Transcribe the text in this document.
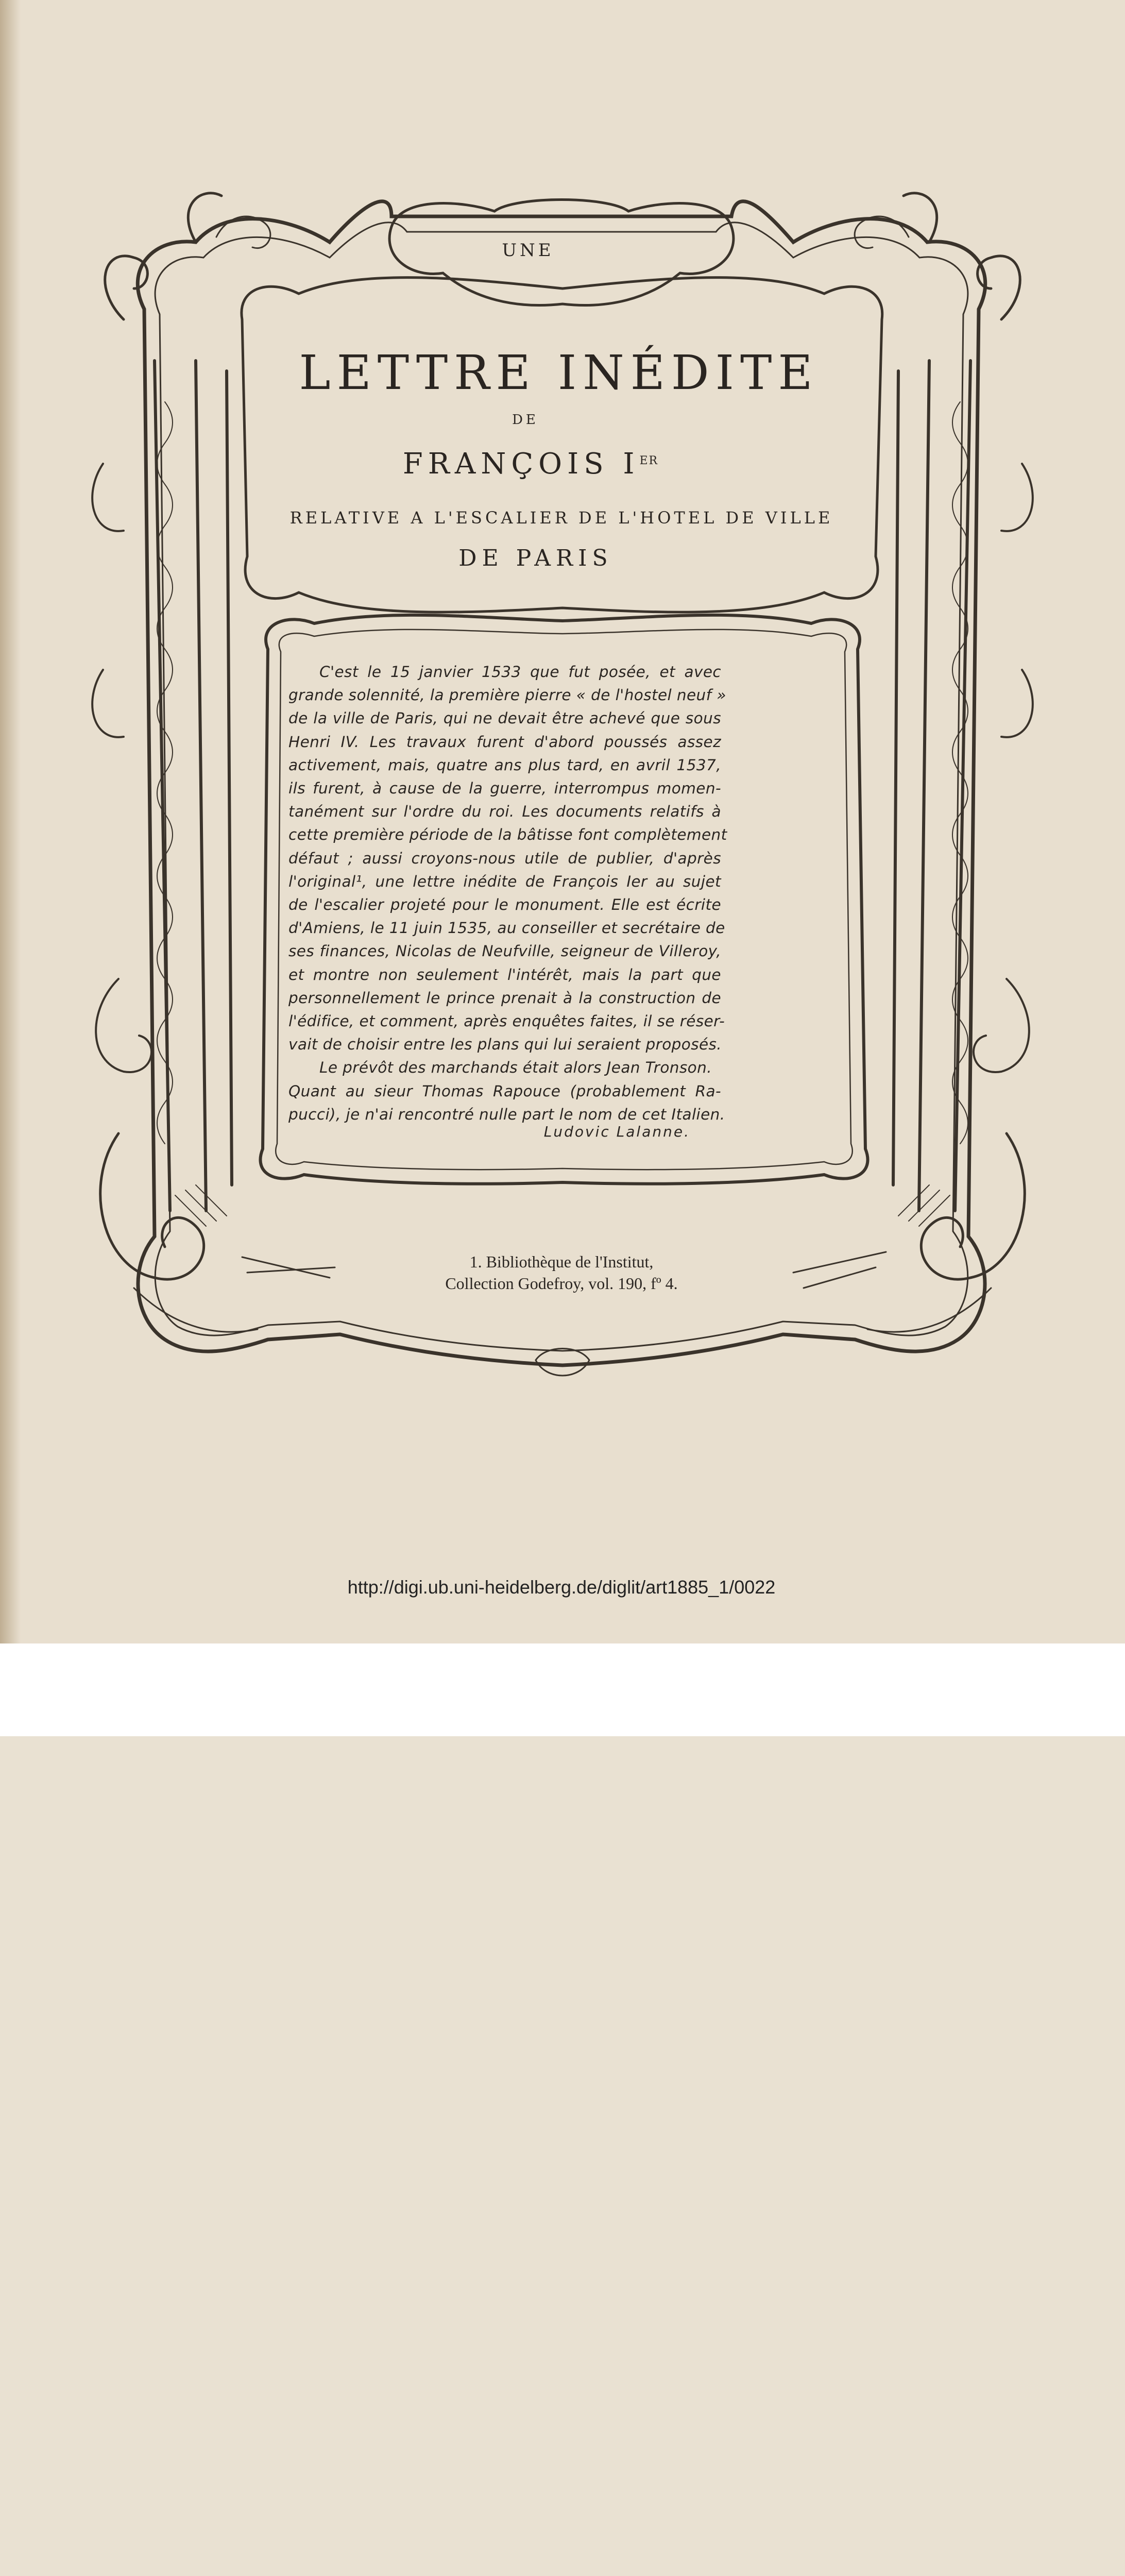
UNE
LETTRE INÉDITE
DE
FRANÇOIS IER
RELATIVE A L'ESCALIER DE L'HOTEL DE VILLE
DE PARIS
C'est le 15 janvier 1533 que fut posée, et avec
grande solennité, la première pierre « de l'hostel neuf »
de la ville de Paris, qui ne devait être achevé que sous
Henri IV. Les travaux furent d'abord poussés assez
activement, mais, quatre ans plus tard, en avril 1537,
ils furent, à cause de la guerre, interrompus momen-
tanément sur l'ordre du roi. Les documents relatifs à
cette première période de la bâtisse font complètement
défaut ; aussi croyons-nous utile de publier, d'après
l'original¹, une lettre inédite de François Ier au sujet
de l'escalier projeté pour le monument. Elle est écrite
d'Amiens, le 11 juin 1535, au conseiller et secrétaire de
ses finances, Nicolas de Neufville, seigneur de Villeroy,
et montre non seulement l'intérêt, mais la part que
personnellement le prince prenait à la construction de
l'édifice, et comment, après enquêtes faites, il se réser-
vait de choisir entre les plans qui lui seraient proposés.
Le prévôt des marchands était alors Jean Tronson.
Quant au sieur Thomas Rapouce (probablement Ra-
pucci), je n'ai rencontré nulle part le nom de cet Italien.
Ludovic Lalanne.
1. Bibliothèque de l'Institut,
Collection Godefroy, vol. 190, fº 4.
http://digi.ub.uni-heidelberg.de/diglit/art1885_1/0022
